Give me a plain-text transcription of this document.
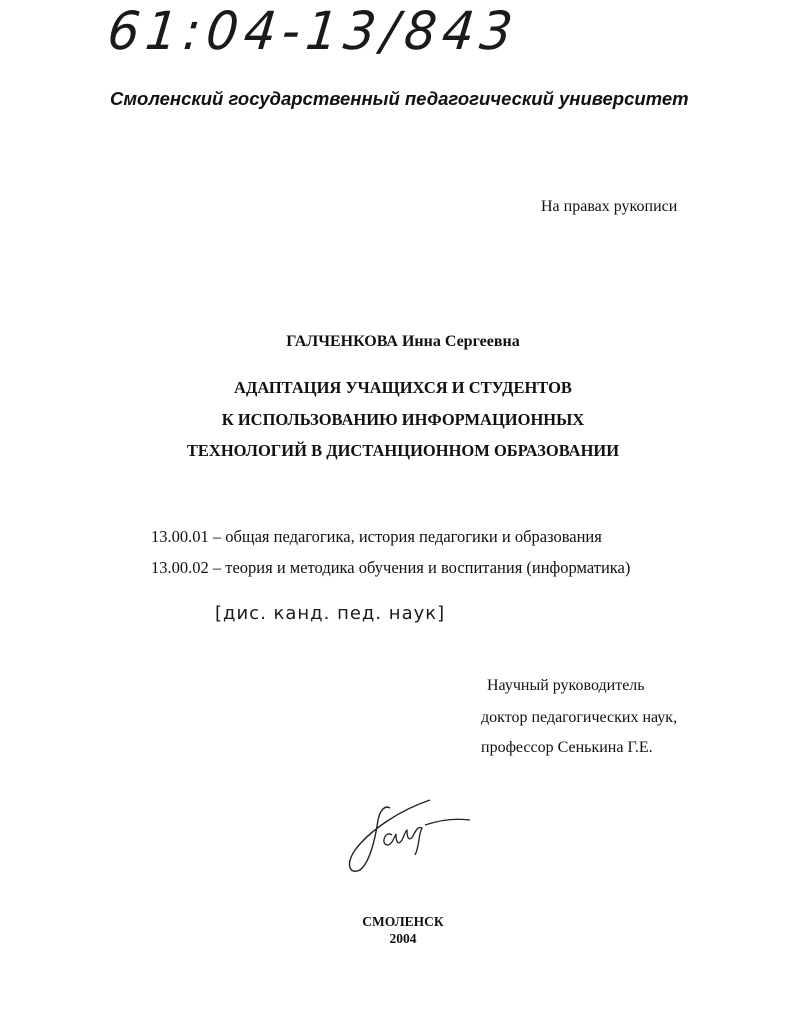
61:04-13/843
Смоленский государственный педагогический университет
На правах рукописи
ГАЛЧЕНКОВА Инна Сергеевна
АДАПТАЦИЯ УЧАЩИХСЯ И СТУДЕНТОВ
К ИСПОЛЬЗОВАНИЮ ИНФОРМАЦИОННЫХ
ТЕХНОЛОГИЙ В ДИСТАНЦИОННОМ ОБРАЗОВАНИИ
13.00.01 – общая педагогика, история педагогики и образования
13.00.02 – теория и методика обучения и воспитания (информатика)
[дис. канд. пед. наук]
Научный руководитель
доктор педагогических наук,
профессор Сенькина Г.Е.
СМОЛЕНСК
2004
